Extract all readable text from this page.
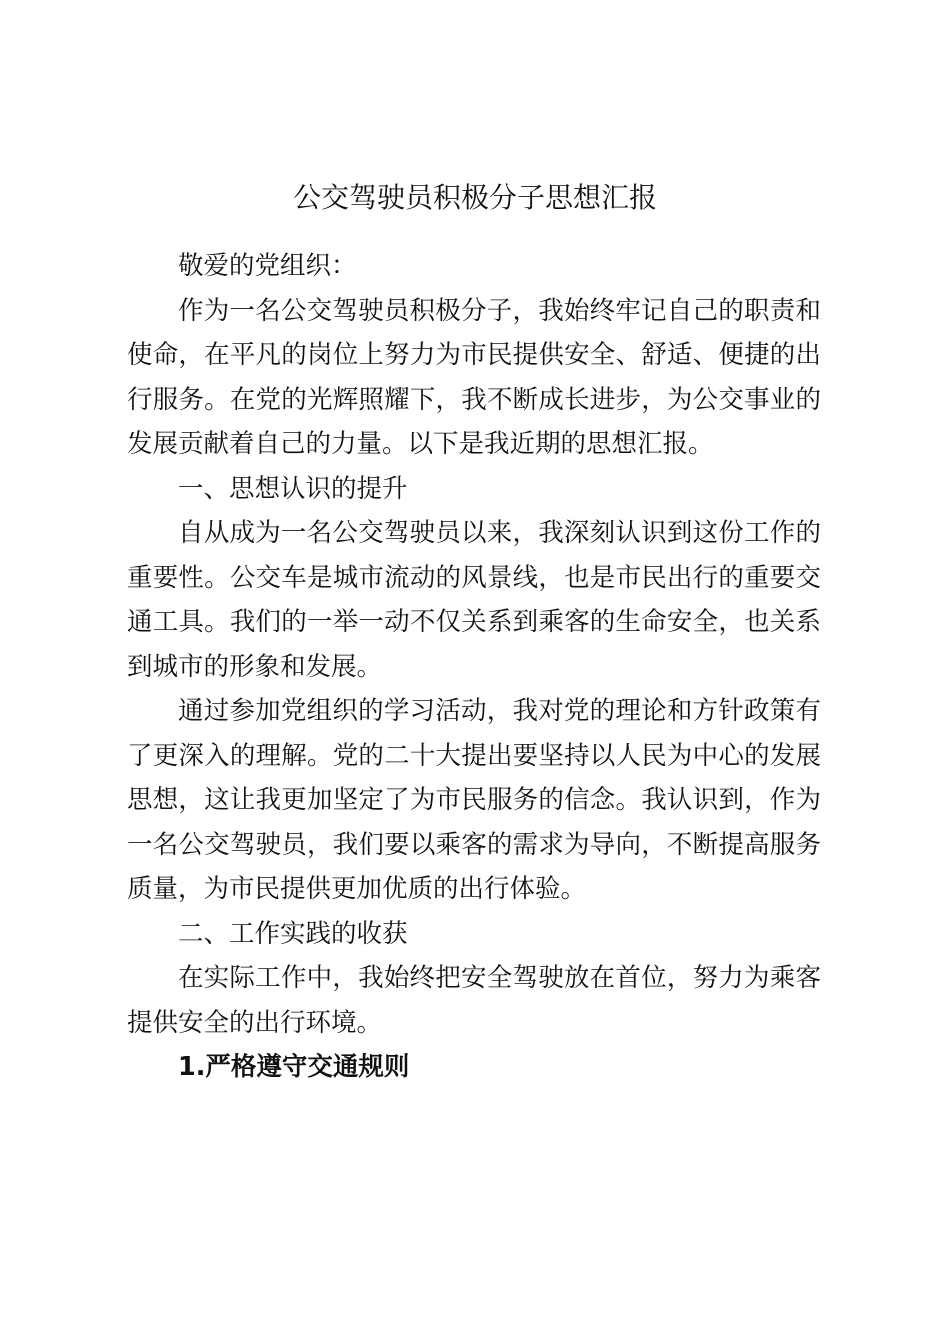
公交驾驶员积极分子思想汇报

敬爱的党组织：

作为一名公交驾驶员积极分子，我始终牢记自己的职责和使命，在平凡的岗位上努力为市民提供安全、舒适、便捷的出行服务。在党的光辉照耀下，我不断成长进步，为公交事业的发展贡献着自己的力量。以下是我近期的思想汇报。

一、思想认识的提升

自从成为一名公交驾驶员以来，我深刻认识到这份工作的重要性。公交车是城市流动的风景线，也是市民出行的重要交通工具。我们的一举一动不仅关系到乘客的生命安全，也关系到城市的形象和发展。

通过参加党组织的学习活动，我对党的理论和方针政策有了更深入的理解。党的二十大提出要坚持以人民为中心的发展思想，这让我更加坚定了为市民服务的信念。我认识到，作为一名公交驾驶员，我们要以乘客的需求为导向，不断提高服务质量，为市民提供更加优质的出行体验。

二、工作实践的收获

在实际工作中，我始终把安全驾驶放在首位，努力为乘客提供安全的出行环境。

1.严格遵守交通规则
